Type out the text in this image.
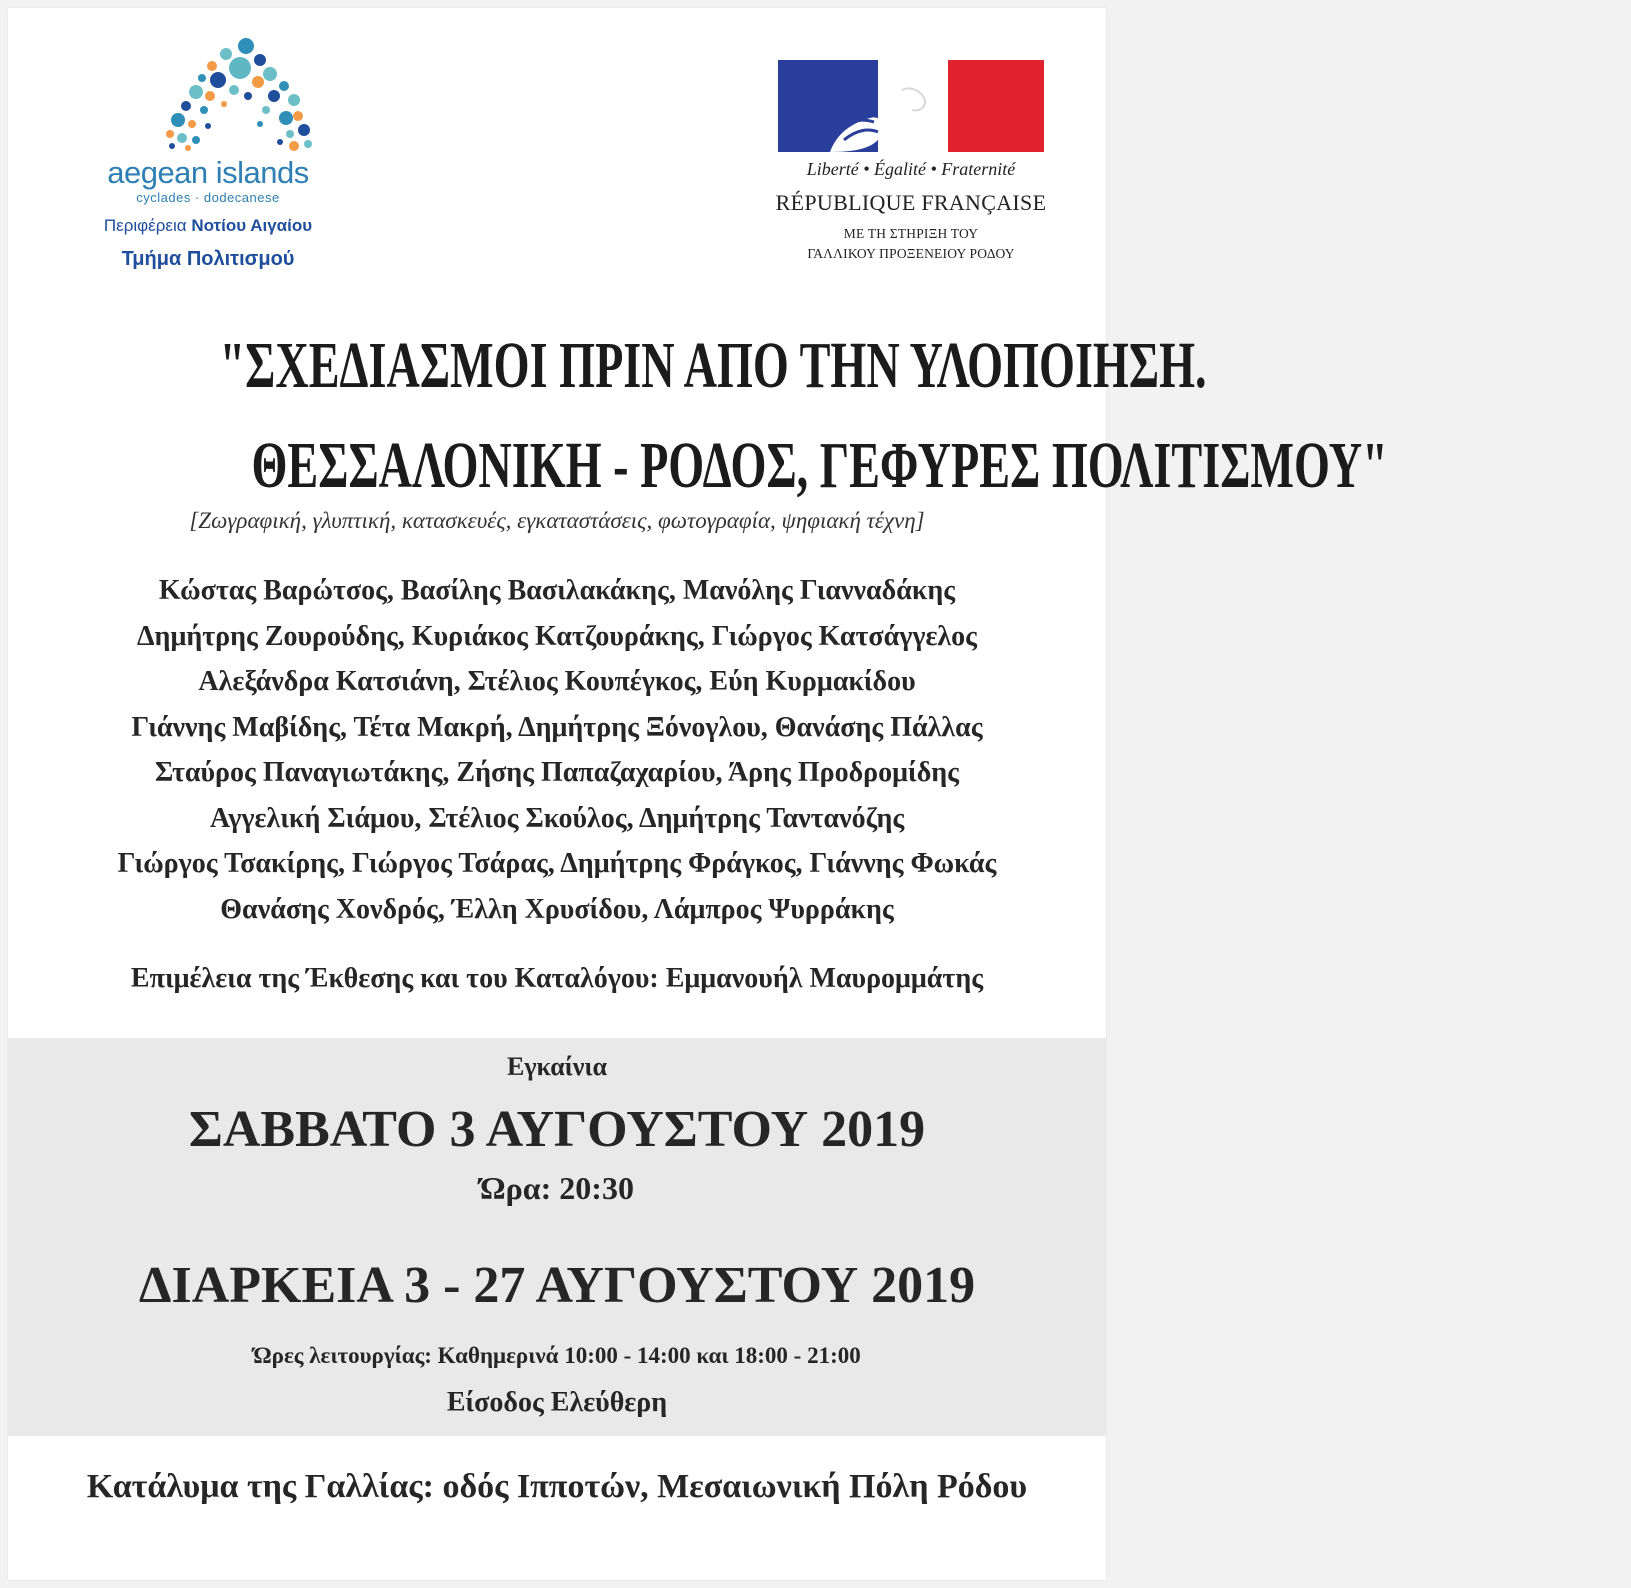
aegean islands
cyclades · dodecanese
Περιφέρεια Νοτίου Αιγαίου
Τμήμα Πολιτισμού
Liberté • Égalité • Fraternité
RÉPUBLIQUE FRANÇAISE
ΜΕ ΤΗ ΣΤΗΡΙΞΗ ΤΟΥ
ΓΑΛΛΙΚΟΥ ΠΡΟΞΕΝΕΙΟΥ ΡΟΔΟΥ
"ΣΧΕΔΙΑΣΜΟΙ ΠΡΙΝ ΑΠΟ ΤΗΝ ΥΛΟΠΟΙΗΣΗ.
ΘΕΣΣΑΛΟΝΙΚΗ - ΡΟΔΟΣ, ΓΕΦΥΡΕΣ ΠΟΛΙΤΙΣΜΟΥ"
[Ζωγραφική, γλυπτική, κατασκευές, εγκαταστάσεις, φωτογραφία, ψηφιακή τέχνη]
Κώστας Βαρώτσος, Βασίλης Βασιλακάκης, Μανόλης Γιανναδάκης
Δημήτρης Ζουρούδης, Κυριάκος Κατζουράκης, Γιώργος Κατσάγγελος
Αλεξάνδρα Κατσιάνη, Στέλιος Κουπέγκος, Εύη Κυρμακίδου
Γιάννης Μαβίδης, Τέτα Μακρή, Δημήτρης Ξόνογλου, Θανάσης Πάλλας
Σταύρος Παναγιωτάκης, Ζήσης Παπαζαχαρίου, Άρης Προδρομίδης
Αγγελική Σιάμου, Στέλιος Σκούλος, Δημήτρης Ταντανόζης
Γιώργος Τσακίρης, Γιώργος Τσάρας, Δημήτρης Φράγκος, Γιάννης Φωκάς
Θανάσης Χονδρός, Έλλη Χρυσίδου, Λάμπρος Ψυρράκης
Επιμέλεια της Έκθεσης και του Καταλόγου: Εμμανουήλ Μαυρομμάτης
Εγκαίνια
ΣΑΒΒΑΤΟ 3 ΑΥΓΟΥΣΤΟΥ 2019
Ώρα: 20:30
ΔΙΑΡΚΕΙΑ 3 - 27 ΑΥΓΟΥΣΤΟΥ 2019
Ώρες λειτουργίας: Καθημερινά 10:00 - 14:00 και 18:00 - 21:00
Είσοδος Ελεύθερη
Κατάλυμα της Γαλλίας: οδός Ιπποτών, Μεσαιωνική Πόλη Ρόδου
